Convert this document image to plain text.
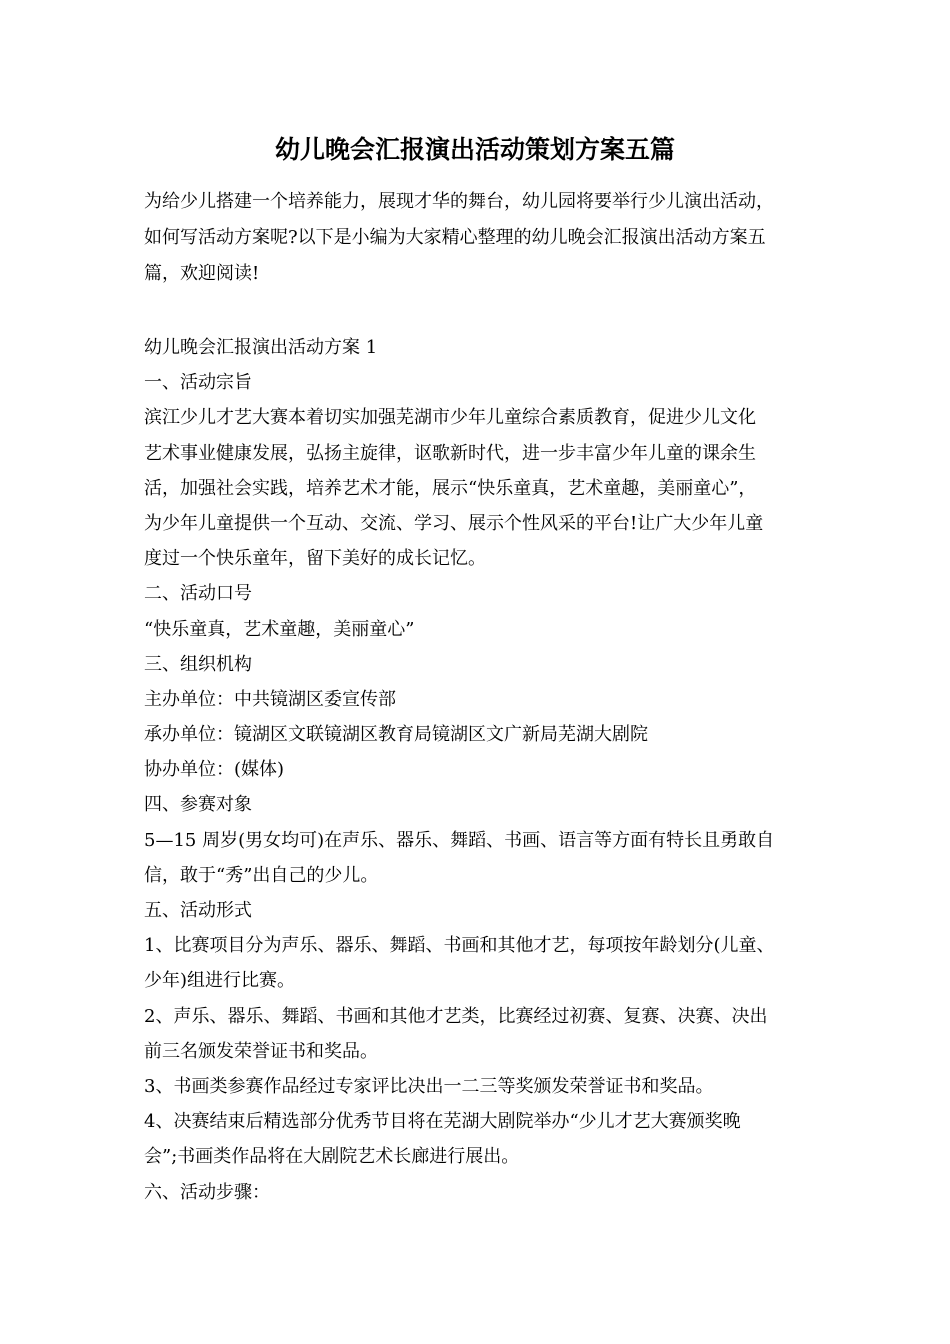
幼儿晚会汇报演出活动策划方案五篇
为给少儿搭建一个培养能力，展现才华的舞台，幼儿园将要举行少儿演出活动，
如何写活动方案呢?以下是小编为大家精心整理的幼儿晚会汇报演出活动方案五
篇，欢迎阅读!
幼儿晚会汇报演出活动方案 1
一、活动宗旨
滨江少儿才艺大赛本着切实加强芜湖市少年儿童综合素质教育，促进少儿文化
艺术事业健康发展，弘扬主旋律，讴歌新时代，进一步丰富少年儿童的课余生
活，加强社会实践，培养艺术才能，展示“快乐童真，艺术童趣，美丽童心”，
为少年儿童提供一个互动、交流、学习、展示个性风采的平台!让广大少年儿童
度过一个快乐童年，留下美好的成长记忆。
二、活动口号
“快乐童真，艺术童趣，美丽童心”
三、组织机构
主办单位：中共镜湖区委宣传部
承办单位：镜湖区文联镜湖区教育局镜湖区文广新局芜湖大剧院
协办单位：(媒体)
四、参赛对象
5—15 周岁(男女均可)在声乐、器乐、舞蹈、书画、语言等方面有特长且勇敢自
信，敢于“秀”出自己的少儿。
五、活动形式
1、比赛项目分为声乐、器乐、舞蹈、书画和其他才艺，每项按年龄划分(儿童、
少年)组进行比赛。
2、声乐、器乐、舞蹈、书画和其他才艺类，比赛经过初赛、复赛、决赛、决出
前三名颁发荣誉证书和奖品。
3、书画类参赛作品经过专家评比决出一二三等奖颁发荣誉证书和奖品。
4、决赛结束后精选部分优秀节目将在芜湖大剧院举办“少儿才艺大赛颁奖晚
会”;书画类作品将在大剧院艺术长廊进行展出。
六、活动步骤：
